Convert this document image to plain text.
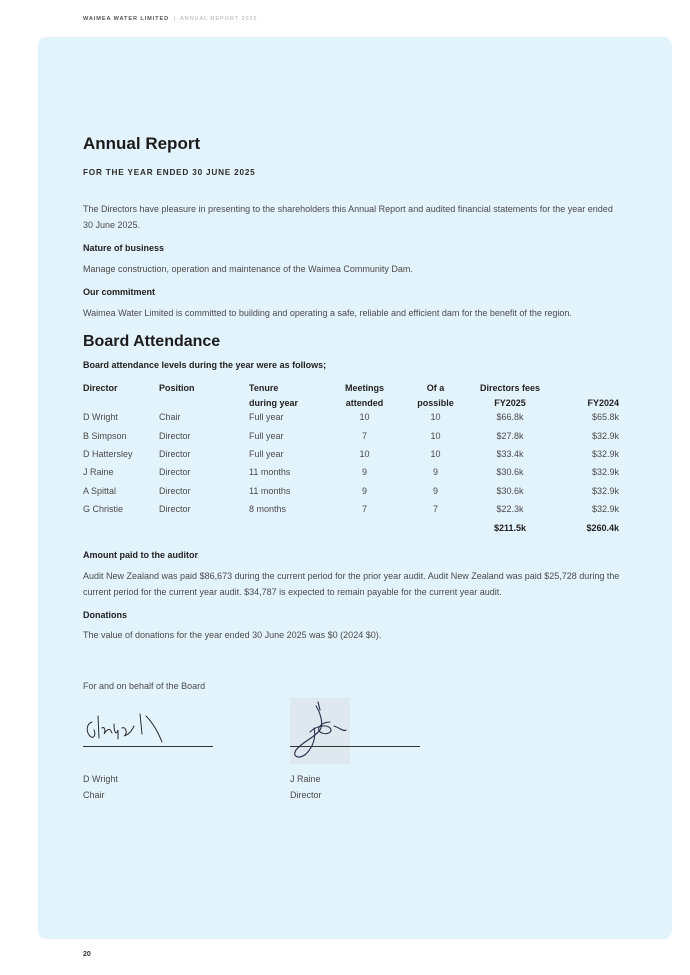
WAIMEA WATER LIMITED | ANNUAL REPORT 2025
Annual Report
FOR THE YEAR ENDED 30 JUNE 2025
The Directors have pleasure in presenting to the shareholders this Annual Report and audited financial statements for the year ended 30 June 2025.
Nature of business
Manage construction, operation and maintenance of the Waimea Community Dam.
Our commitment
Waimea Water Limited is committed to building and operating a safe, reliable and efficient dam for the benefit of the region.
Board Attendance
Board attendance levels during the year were as follows;
Director	Position	Tenure	Meetings	Of a	Directors fees	
		during year	attended	possible	FY2025	FY2024
D Wright	Chair	Full year	10	10	$66.8k	$65.8k
B Simpson	Director	Full year	7	10	$27.8k	$32.9k
D Hattersley	Director	Full year	10	10	$33.4k	$32.9k
J Raine	Director	11 months	9	9	$30.6k	$32.9k
A Spittal	Director	11 months	9	9	$30.6k	$32.9k
G Christie	Director	8 months	7	7	$22.3k	$32.9k
					$211.5k	$260.4k
Amount paid to the auditor
Audit New Zealand was paid $86,673 during the current period for the prior year audit. Audit New Zealand was paid $25,728 during the current period for the current year audit. $34,787 is expected to remain payable for the current year audit.
Donations
The value of donations for the year ended 30 June 2025 was $0 (2024 $0).
For and on behalf of the Board
D Wright
Chair
J Raine
Director
20
